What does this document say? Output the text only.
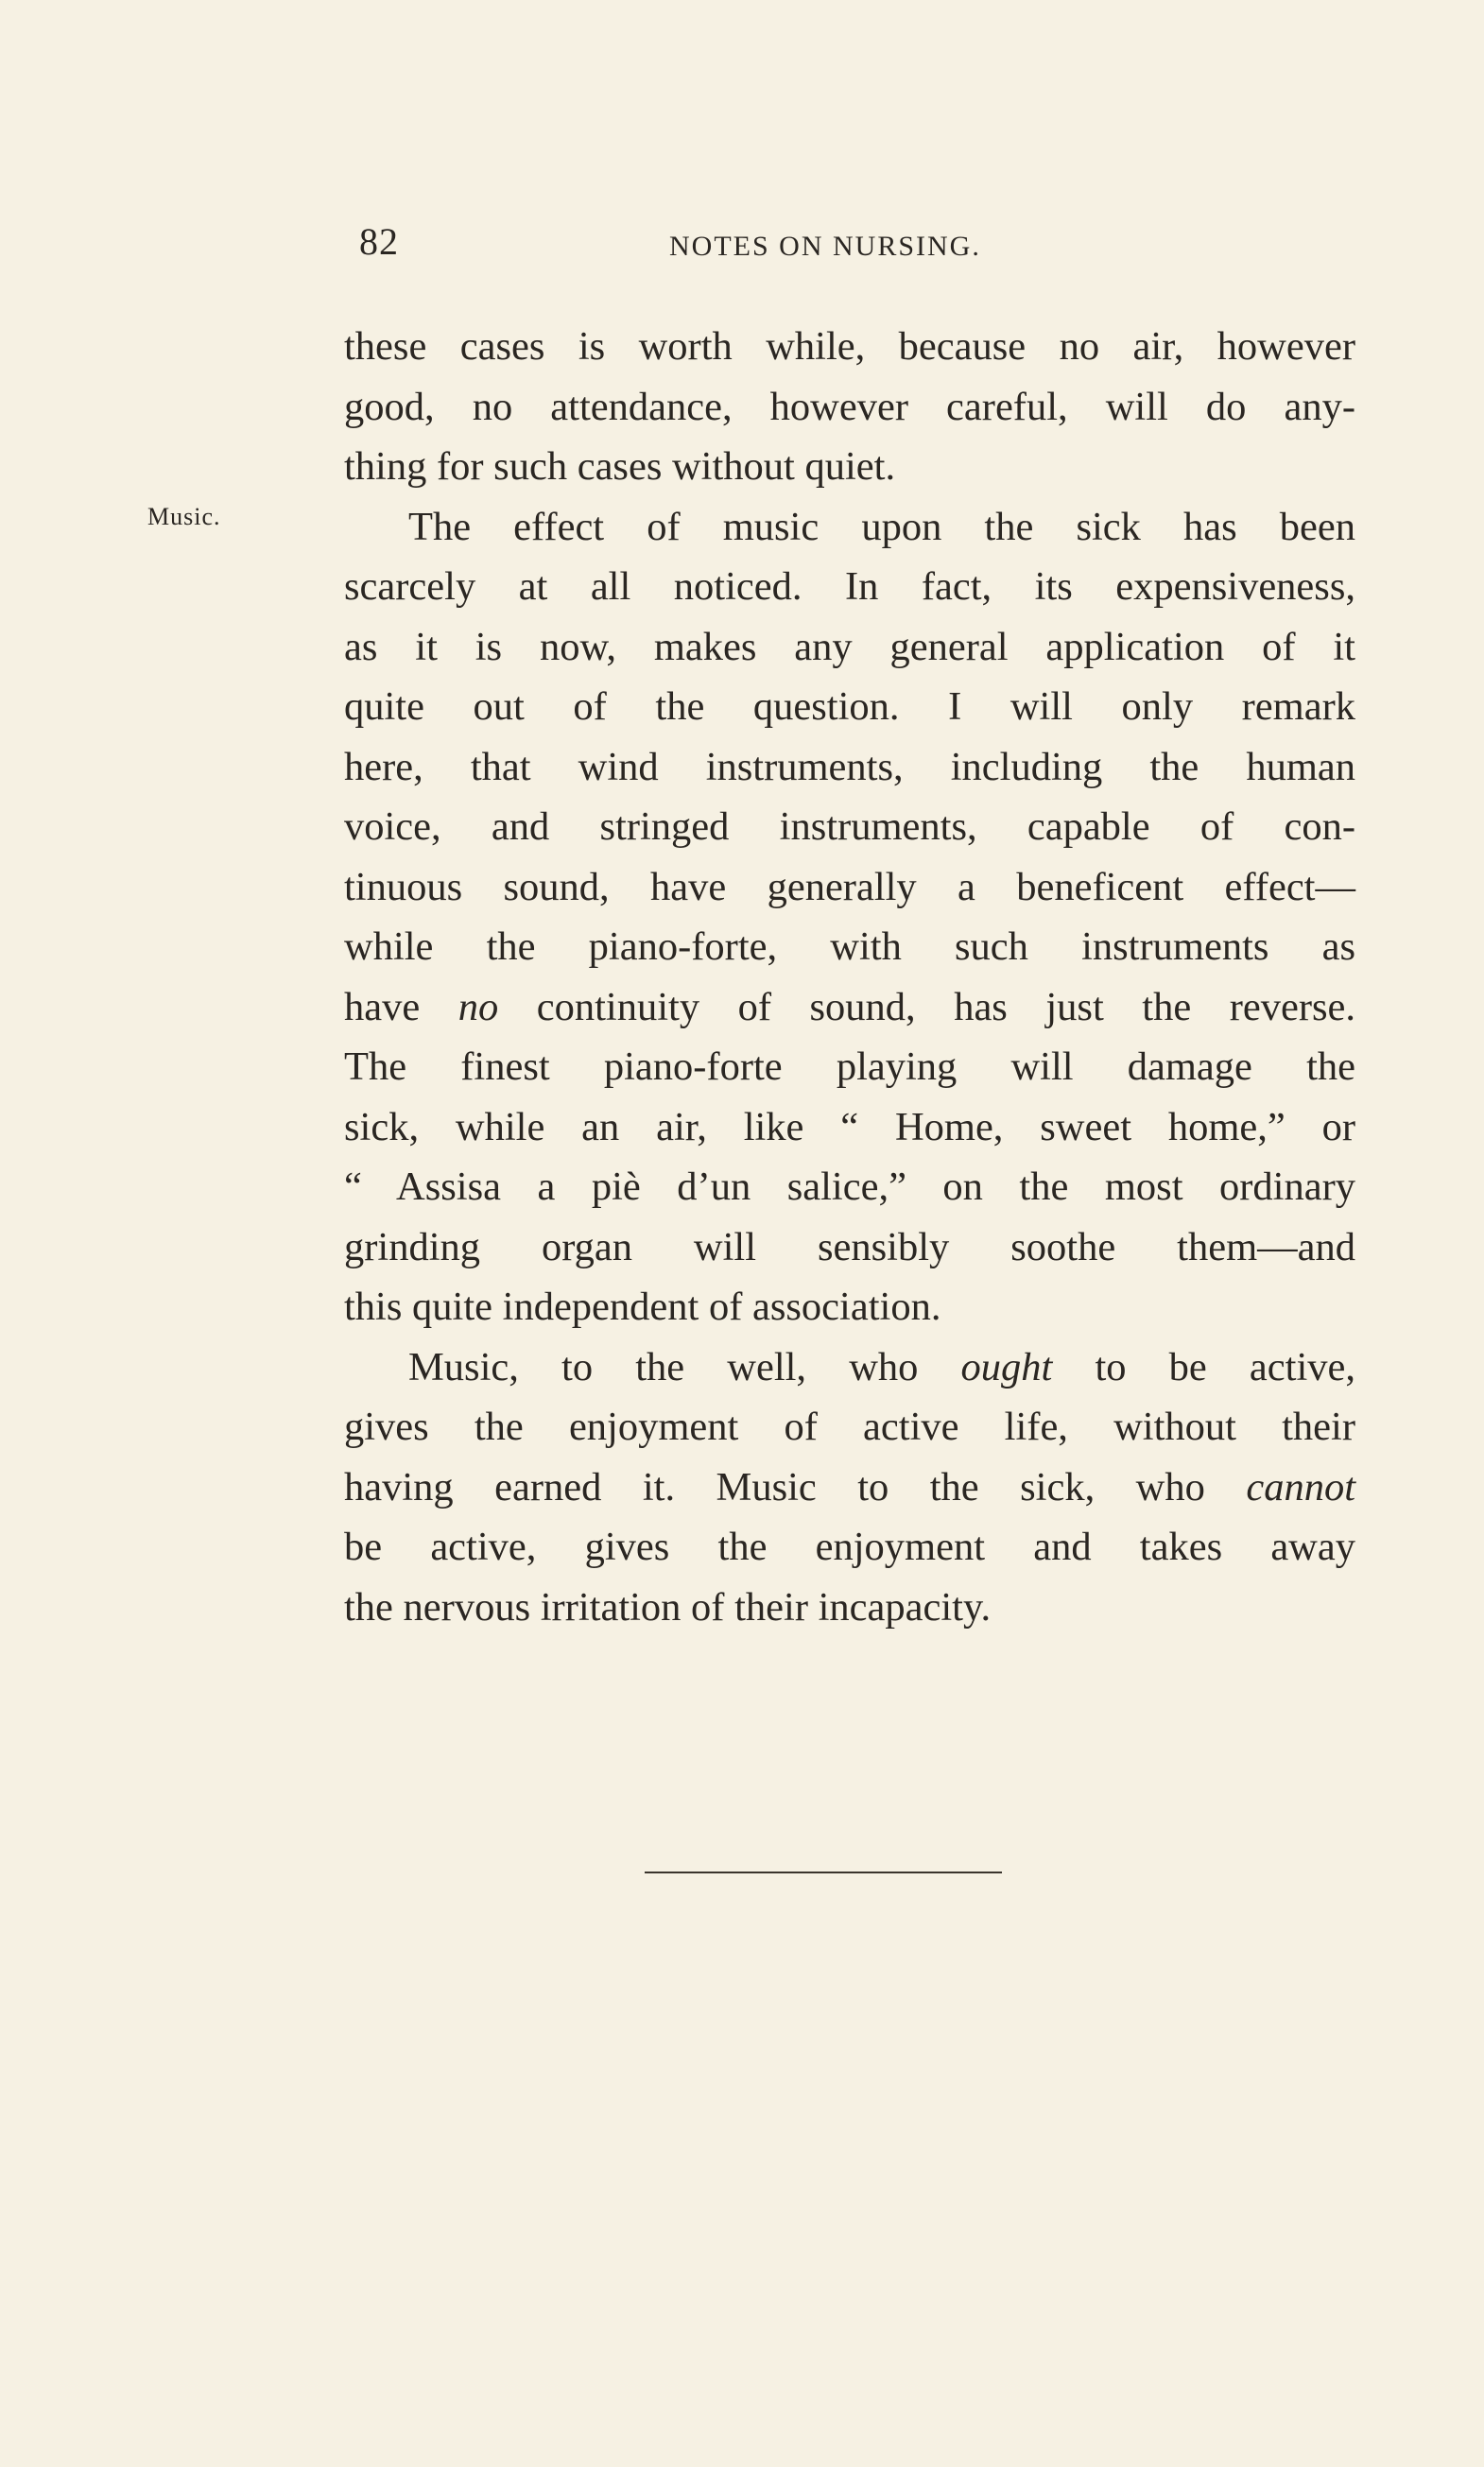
82	NOTES ON NURSING.
Music.
these cases is worth while, because no air, however
good, no attendance, however careful, will do any-
thing for such cases without quiet.
The effect of music upon the sick has been
scarcely at all noticed. In fact, its expensiveness,
as it is now, makes any general application of it
quite out of the question. I will only remark
here, that wind instruments, including the human
voice, and stringed instruments, capable of con-
tinuous sound, have generally a beneficent effect—
while the piano-forte, with such instruments as
have no continuity of sound, has just the reverse.
The finest piano-forte playing will damage the
sick, while an air, like “ Home, sweet home,” or
“ Assisa a piè d’un salice,” on the most ordinary
grinding organ will sensibly soothe them—and
this quite independent of association.
Music, to the well, who ought to be active,
gives the enjoyment of active life, without their
having earned it. Music to the sick, who cannot
be active, gives the enjoyment and takes away
the nervous irritation of their incapacity.
